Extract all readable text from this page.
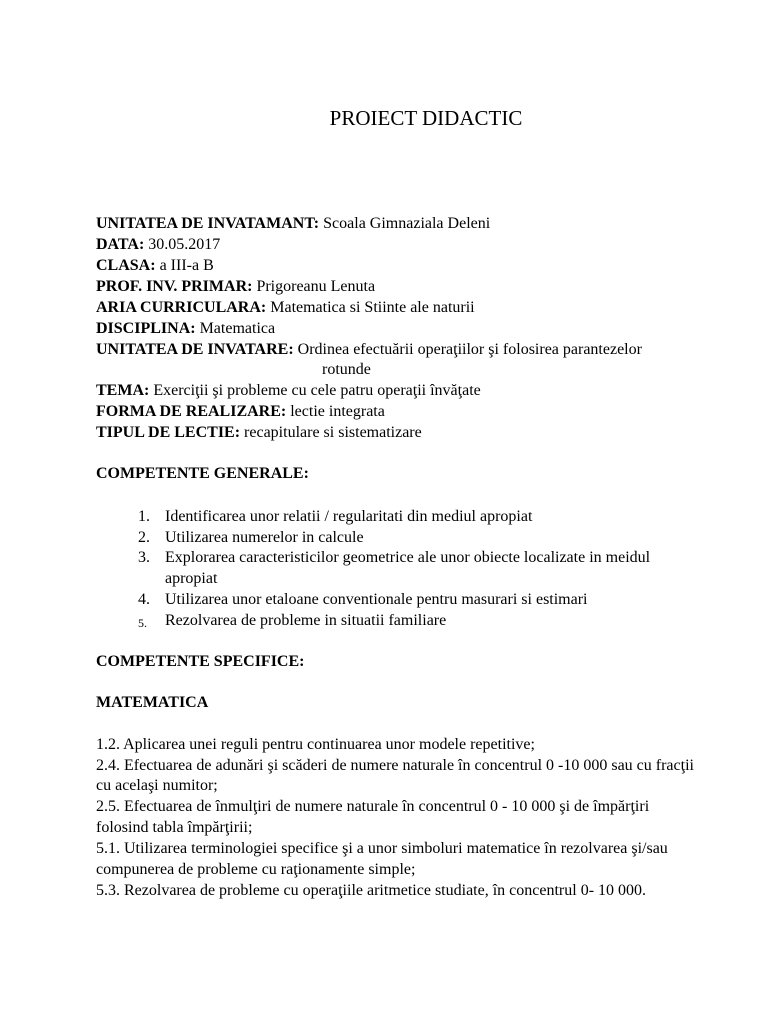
PROIECT DIDACTIC
UNITATEA DE INVATAMANT: Scoala Gimnaziala Deleni
DATA: 30.05.2017
CLASA: a III-a B
PROF. INV. PRIMAR: Prigoreanu Lenuta
ARIA CURRICULARA: Matematica si Stiinte ale naturii
DISCIPLINA: Matematica
UNITATEA DE INVATARE: Ordinea efectuării operaţiilor şi folosirea parantezelor
rotunde
TEMA: Exerciţii şi probleme cu cele patru operaţii învăţate
FORMA DE REALIZARE: lectie integrata
TIPUL DE LECTIE: recapitulare si sistematizare
COMPETENTE GENERALE:
1. Identificarea unor relatii / regularitati din mediul apropiat
2. Utilizarea numerelor in calcule
3. Explorarea caracteristicilor geometrice ale unor obiecte localizate in meidul
apropiat
4. Utilizarea unor etaloane conventionale pentru masurari si estimari
5. Rezolvarea de probleme in situatii familiare
COMPETENTE SPECIFICE:
MATEMATICA
1.2. Aplicarea unei reguli pentru continuarea unor modele repetitive;
2.4. Efectuarea de adunări şi scăderi de numere naturale în concentrul 0 -10 000 sau cu fracţii
cu acelaşi numitor;
2.5. Efectuarea de înmulţiri de numere naturale în concentrul 0 - 10 000 şi de împărţiri
folosind tabla împărţirii;
5.1. Utilizarea terminologiei specifice şi a unor simboluri matematice în rezolvarea şi/sau
compunerea de probleme cu raţionamente simple;
5.3. Rezolvarea de probleme cu operaţiile aritmetice studiate, în concentrul 0- 10 000.
